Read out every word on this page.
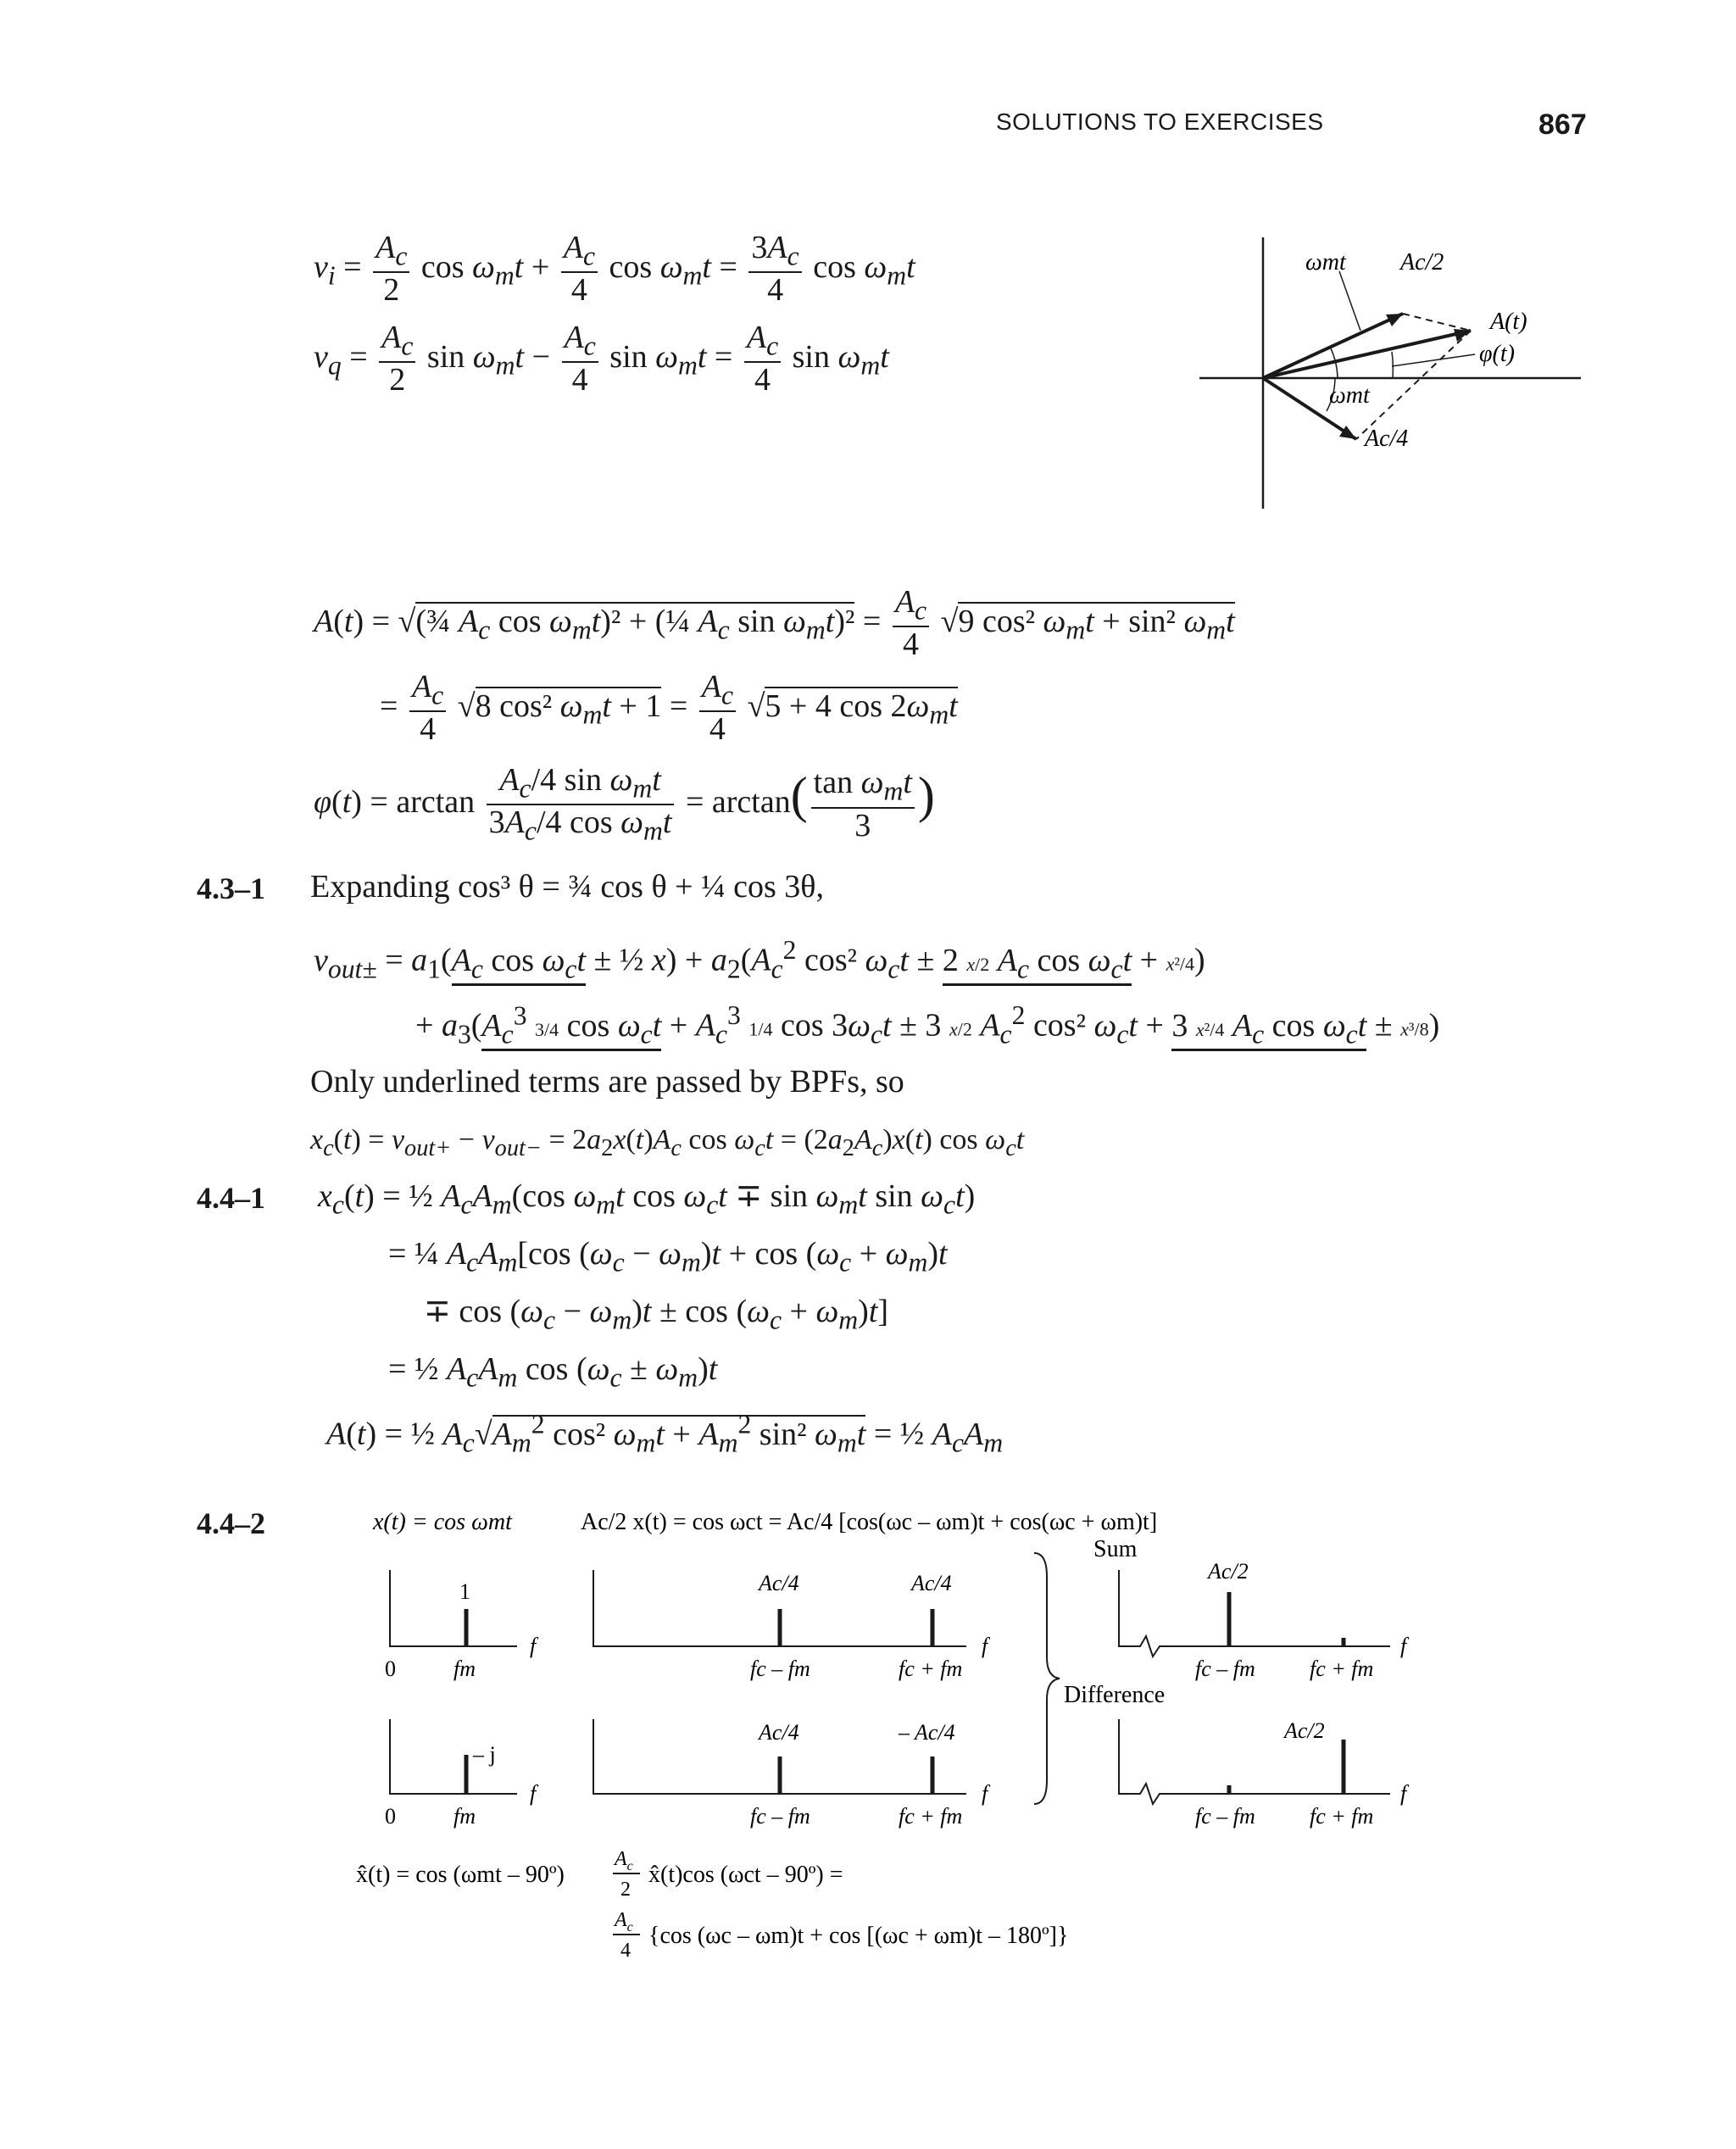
SOLUTIONS TO EXERCISES	867
$v_i = \frac{A_c}{2}$ $\cos \omega_mt + \frac{A_c}{4}$ $\cos \omega_mt = \frac{3A_c}{4}$ $\cos \omega_mt$
$v_q = \frac{A_c}{2}$ $\sin \omega_mt - \frac{A_c}{4}$ $\sin \omega_mt = \frac{A_c}{4}$ $\sin \omega_mt$
ωmt Ac/2
A(t)
φ(t)
ωmt
Ac/4
A(t) = √(¾ $A_c$ $\cos \omega_mt)^2$ + (¼ $A_c$ $\sin \omega_mt)^2 = \frac{A_c}{4} √9$ cos² $\omega_mt + \sin^2$ $\omega_mt$
= $\frac{A_c}{4} √8$ cos² $\omega_mt + 1 = \frac{A_c}{4} √5 + 4$ $\cos 2\omega_mt$
φ(t) = arctan
$A_c/4$ $\sin \omega_mt$
$3A_c/4$ $\cos \omega_mt$
= arctan( $\tan \omega_mt$
3
)
4.3–1 Expanding cos³ θ = ¾ cos θ + ¼ cos 3θ,
$v_{out\pm} = a_1(A_c$ $\cos \omega_ct$ ± ½ $x) + a_2(A_c^2$ cos² $\omega_ct \pm 2$ x/2 $A_c$ $\cos \omega_ct + x^2/4$)
+ $a_3(A_c^3$ 3/4 $\cos \omega_ct + A_c^3$ 1/4 $\cos 3\omega_ct \pm 3$ x/2 $A_c^2$ cos² $\omega_ct + 3$ x²/4 $A_c$ $\cos \omega_ct \pm x^3/8$)
Only underlined terms are passed by BPFs, so
$x_c(t) = v_{out+} - v_{out-} = 2a_2x(t)A_c$ $\cos \omega_ct = (2a_2A_c)x(t)$ $\cos \omega_ct$
4.4–1 $x_c(t)$ = ½ $A_cA_m(\cos$ $\omega_mt$ $\cos \omega_ct \mp \sin \omega_mt$ $\sin \omega_ct$)
= ¼ $A_cA_m[\cos$ $(\omega_c - \omega_m)t + \cos (\omega_c + \omega_m)t$
∓ $\cos (\omega_c - \omega_m)t \pm \cos (\omega_c + \omega_m)t$]
= ½ $A_cA_m$ $\cos (\omega_c \pm \omega_m)t$
A(t) = ½ $A_c√A_m^2$ cos² $\omega_mt + A_m^2$ sin² $\omega_mt$ = ½ $A_cA_m$
4.4–2	x(t) = cos ωmt	Ac/2 x(t) = cos ωct = Ac/4 [cos(ωc – ωm)t + cos(ωc + ωm)t]
Sum
Difference
1
f
0	fm
– j
f
0	fm
Ac/4	Ac/4
f
fc – fm	fc + fm
Ac/4	– Ac/4
f
fc – fm	fc + fm
Ac/2
f
fc – fm fc + fm
Ac/2
f
fc – fm fc + fm
x̂(t) = cos (ωmt – 90º)
$A_c$
2
x̂(t)cos (ωct – 90º) =
$A_c$
4
{cos (ωc – ωm)t + cos [(ωc + ωm)t – 180º]}
